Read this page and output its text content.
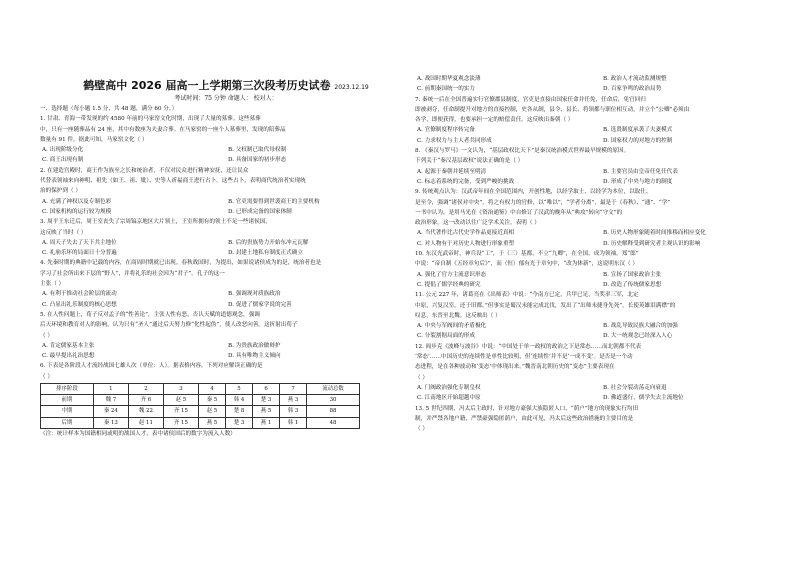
鹤壁高中 2026 届高一上学期第三次段考历史试卷 2023.12.19
考试时间：75 分钟 命题人： 校对人：
一、选择题（每小题 1.5 分，共 48 题，满分 60 分。）
1. 甘肃、青海一带发现的约 4580 年前的马家窑文化时期，出现了大量的墓葬。这些墓葬
中，只有一座随葬品有 24 座，其中有数座为夫妻合葬。在马家窑的一座个人墓葬里，发现的陪葬品
数量有 91 件。据此可知，马家窑文化（ ）
A. 出现阶级分化	B. 父权制已取代母权制
C. 商王出现有制	D. 具备国家的初步形态
2. 在建造宫殿时，商王作为族至之长和统治者，不仅对民众进行精神安抚，还让民众
代替表领袖来向神明、祖先（如王、祖、妣）、史等人祈福商王进行占卜。这些占卜，表明商代统治者实现统
治的保护到（ ）
A. 充满了神权以及专制色彩	B. 官吏需要得到世袭商王的主要机构
C. 国家机构的运行较为规模	D. 已形成完备的国家体制
3. 周平王东迁后，周王室丧失了宗周镐京地区大片领土，王室所拥有的领土不足一些诸侯国，
这反映了当时（ ）
A. 周天子失去了天下共主地位	B. 后的贵族势力开始东冲元瓦解
C. 礼崩乐坏的局面日十分普遍	D. 封建土地私有制度正式确立
4. 先秦时期的典籍中记载的内容，在商周时期就已出现。春秋战国时，为提出，如果说诸侯成为的是，统治者也是
学习了社会所出来下层的“野人”，并将礼乐的社会因为“君子”。孔子的这一
主张（ ）
A. 有利于推动社会阶层的流动	B. 强调现对质族政治
C. 凸显出礼乐制度的核心思想	D. 促进了儒家学说的完善
5. 在人性问题上，荀子反对孟子的“性善论”，主张人性有恶，否认天赋的道德观念，强调
后天环境和教育对人的影响，认为只有“圣人”通过后天努力修“化性起伪”，使人改恶向善。这折射出荀子
（ ）
A. 肯定儒家基本主张	B. 为贵族政治做辩护
C. 最早提出礼治思想	D. 具有唯物主义倾向
6. 下表是各阶段人才流经战国七雄人次（单位：人）。据表格内容，下列对应解读正确的是
（ ）
排序阶段	1	2	3	4	5	6	7	流动总数
前期	魏 7	齐 6	赵 5	秦 5	韩 4	楚 3	燕 3	30
中期	秦 24	魏 22	齐 15	赵 5	楚 8	燕 5	韩 3	88
后期	秦 13	赵 11	齐 15	燕 5	楚 3	燕 1	韩 1	48
（注：统计样本为国籍相同或明的战国人才，表中诸侯国后的数字为流入人数）
A. 战国时期华夏观念淡薄	B. 政治人才流动监测规整
C. 前期秦国统一的实力	D. 百家争鸣的政治局势
7. 秦统一后在全国普遍实行官僚郡县制度，官吏是直接由国家任命并任免，任命后，免官回归
即被剥夺，任命制提升对地方的直接控制，史各从制，县令、县长、将领都与职位相互动，并立个“公卿”必须由
各学，即便获得，也要承担一定的赔偿责任。这反映出秦朝（ ）
A. 官僚制度程序转完备	B. 选贤制度承袭了夫妻模式
C. 力求权力与主人者共同形成	D. 国家权力的对地方的控制
8. 《秦汉与罗马》一文认为，“基层政权比天下”是秦汉统治模式世界最早规模的原因。
下列关于“秦汉基层政权”说法正确的是（ ）
A. 起源于秦朝并延续至明清	B. 主要官员由皇帝任免任代表
C. 标志着系统的完备，受到严峻的挑战	D. 形成了中央与地方的制度
9. 传统观点认为：汉武帝年间在全国范围内，开创性地，以经学取士，以经学为本位，以取仕、
是至令，强调“诸侯对中央”，将之有权力的官修，以“唯以”，“学者分离”，最是于《春秋》，“通”、“学”
一书中认为，是用马光在《资治通鉴》中自修订了汉武的晚年从“典攻”转向“守文”的
政治形象。这一改动以往广泛学术关注，表明（ ）
A. 当代著作比古代史学作品更接近真相	B. 历史人物形象随着时间推移而相应变化
C. 对人物有于对历史人物进行形象重塑	D. 历史解释受到研究者主观认识的影响
10. 东汉光武帝时，神兵设“工”，于（三）基都，不立“九卿”，在全国，成为领袖。郑“郎”
中说：“帝自制《五经章句后》”，而（恒）郁有光于章句中，“改为体新”，这说明东汉（ ）
A. 强化了官方主流意识形态	B. 宣扬了国家政治主张
C. 提倡了儒学经典的研究	D. 改造了传统儒家思想
11. 公元 227 年，诸葛亮在《出师表》中说：“今南方已定，兵甲已足，当奖率三军，北定
中原，兴复汉室，还于旧都。”但事实是蜀汉未能完成北伐，发出了“出师未捷身先死”，长使英雄泪满襟”的
叹息，东晋至北魏。这反映出（ ）
A. 中央与军阀间的矛盾极化	B. 战乱导致民族大融合的加强
C. 分裂割据局面的形成	D. 大一统观念已经深入人心
12. 阎步克《波峰与波谷》中说：“中国处于单一政权的政治之下是常态……而北朝都不代表
‘常态’……中国历史的连续性是单性比较明，但‘连续性’并不是‘一成不变’。是否是一个动
态进程，是在各种波动和‘变态’中体现出来。”魏晋南北朝历史的“变态”主要表现在
（ ）
A. 门阀政治强化专制皇权	B. 社会分裂动荡走向衰退
C. 江南地区开始超越中原	D. 佛道盛行，儒学失去主流地位
13. 5 世纪四期，冯太后主政时，针对地方豪强大族隐匿人口、“荫户”地方的现象实行均田
制，并严禁各地户籍，严禁豪强隐匿荫户，由此可见，冯太后这些政治措施的主要目的是
（ ）
